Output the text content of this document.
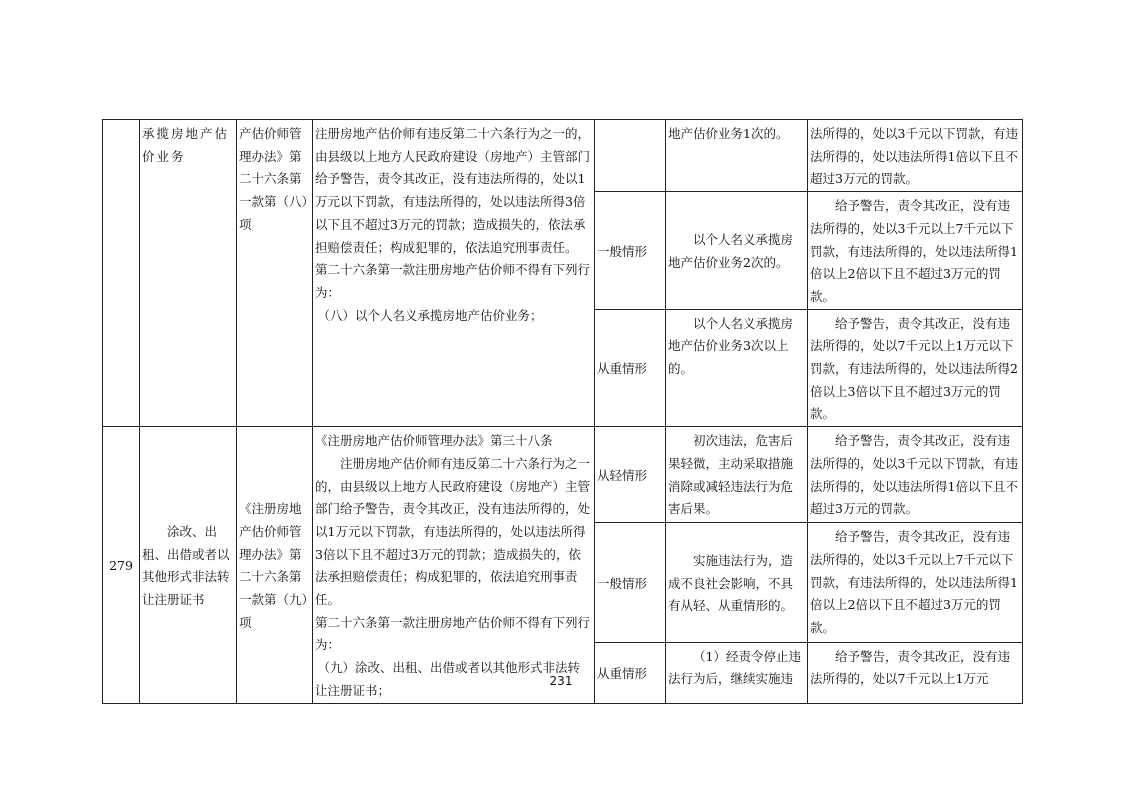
	承揽房地产估价业务	产估价师管理办法》第二十六条第一款第（八）项	注册房地产估价师有违反第二十六条行为之一的，由县级以上地方人民政府建设（房地产）主管部门给予警告，责令其改正，没有违法所得的，处以1万元以下罚款，有违法所得的，处以违法所得3倍以下且不超过3万元的罚款；造成损失的，依法承担赔偿责任；构成犯罪的，依法追究刑事责任。
第二十六条第一款注册房地产估价师不得有下列行为：
（八）以个人名义承揽房地产估价业务；		地产估价业务1次的。	法所得的，处以3千元以下罚款，有违法所得的，处以违法所得1倍以下且不超过3万元的罚款。
				一般情形	以个人名义承揽房地产估价业务2次的。	给予警告，责令其改正，没有违法所得的，处以3千元以上7千元以下罚款，有违法所得的，处以违法所得1倍以上2倍以下且不超过3万元的罚款。

				从重情形	以个人名义承揽房地产估价业务3次以上的。	给予警告，责令其改正，没有违法所得的，处以7千元以上1万元以下罚款，有违法所得的，处以违法所得2倍以上3倍以下且不超过3万元的罚款。

279	涂改、出租、出借或者以其他形式非法转让注册证书	《注册房地产估价师管理办法》第二十六条第一款第（九）项	《注册房地产估价师管理办法》第三十八条
注册房地产估价师有违反第二十六条行为之一的，由县级以上地方人民政府建设（房地产）主管部门给予警告，责令其改正，没有违法所得的，处以1万元以下罚款，有违法所得的，处以违法所得3倍以下且不超过3万元的罚款；造成损失的，依法承担赔偿责任；构成犯罪的，依法追究刑事责任。
第二十六条第一款注册房地产估价师不得有下列行为：
（九）涂改、出租、出借或者以其他形式非法转让注册证书；	从轻情形	初次违法，危害后果轻微，主动采取措施消除或减轻违法行为危害后果。	给予警告，责令其改正，没有违法所得的，处以3千元以下罚款，有违法所得的，处以违法所得1倍以下且不超过3万元的罚款。

				一般情形	实施违法行为，造成不良社会影响，不具有从轻、从重情形的。	给予警告，责令其改正，没有违法所得的，处以3千元以上7千元以下罚款，有违法所得的，处以违法所得1倍以上2倍以下且不超过3万元的罚款。

				从重情形	（1）经责令停止违法行为后，继续实施违	给予警告，责令其改正，没有违法所得的，处以7千元以上1万元
231
